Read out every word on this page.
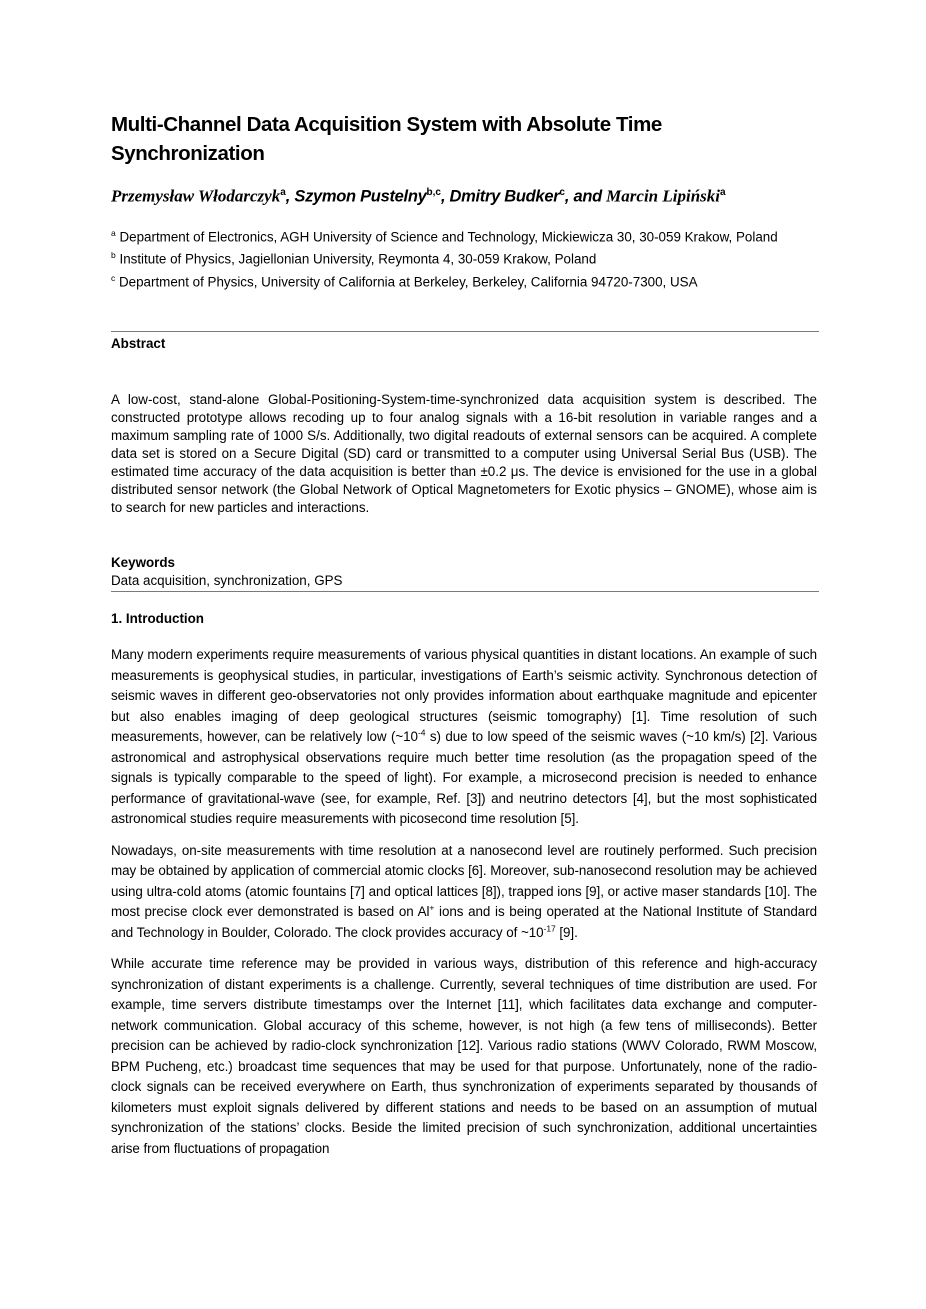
Multi-Channel Data Acquisition System with Absolute Time Synchronization
Przemysław Włodarczyk$^a$, Szymon Pustelny$^{b,c}$, Dmitry Budker$^c$, and Marcin Lipiński$^a$

$^a$ Department of Electronics, AGH University of Science and Technology, Mickiewicza 30, 30-059 Krakow, Poland

$^b$ Institute of Physics, Jagiellonian University, Reymonta 4, 30-059 Krakow, Poland

$^c$ Department of Physics, University of California at Berkeley, Berkeley, California 94720-7300, USA

Abstract

A low-cost, stand-alone Global-Positioning-System-time-synchronized data acquisition system is described. The constructed prototype allows recoding up to four analog signals with a 16-bit resolution in variable ranges and a maximum sampling rate of 1000 S/s. Additionally, two digital readouts of external sensors can be acquired. A complete data set is stored on a Secure Digital (SD) card or transmitted to a computer using Universal Serial Bus (USB). The estimated time accuracy of the data acquisition is better than ±0.2 μs. The device is envisioned for the use in a global distributed sensor network (the Global Network of Optical Magnetometers for Exotic physics – GNOME), whose aim is to search for new particles and interactions.

Keywords
Data acquisition, synchronization, GPS
1. Introduction

Many modern experiments require measurements of various physical quantities in distant locations. An example of such measurements is geophysical studies, in particular, investigations of Earth’s seismic activity. Synchronous detection of seismic waves in different geo-observatories not only provides information about earthquake magnitude and epicenter but also enables imaging of deep geological structures (seismic tomography) [1]. Time resolution of such measurements, however, can be relatively low ($\sim 10^{-4}$ s) due to low speed of the seismic waves (~10 km/s) [2]. Various astronomical and astrophysical observations require much better time resolution (as the propagation speed of the signals is typically comparable to the speed of light). For example, a microsecond precision is needed to enhance performance of gravitational-wave (see, for example, Ref. [3]) and neutrino detectors [4], but the most sophisticated astronomical studies require measurements with picosecond time resolution [5].

Nowadays, on-site measurements with time resolution at a nanosecond level are routinely performed. Such precision may be obtained by application of commercial atomic clocks [6]. Moreover, sub-nanosecond resolution may be achieved using ultra-cold atoms (atomic fountains [7] and optical lattices [8]), trapped ions [9], or active maser standards [10]. The most precise clock ever demonstrated is based on Al+ ions and is being operated at the National Institute of Standard and Technology in Boulder, Colorado. The clock provides accuracy of $\sim 10^{-17}$ [9].

While accurate time reference may be provided in various ways, distribution of this reference and high-accuracy synchronization of distant experiments is a challenge. Currently, several techniques of time distribution are used. For example, time servers distribute timestamps over the Internet [11], which facilitates data exchange and computer-network communication. Global accuracy of this scheme, however, is not high (a few tens of milliseconds). Better precision can be achieved by radio-clock synchronization [12]. Various radio stations (WWV Colorado, RWM Moscow, BPM Pucheng, etc.) broadcast time sequences that may be used for that purpose. Unfortunately, none of the radio-clock signals can be received everywhere on Earth, thus synchronization of experiments separated by thousands of kilometers must exploit signals delivered by different stations and needs to be based on an assumption of mutual synchronization of the stations’ clocks. Beside the limited precision of such synchronization, additional uncertainties arise from fluctuations of propagation
